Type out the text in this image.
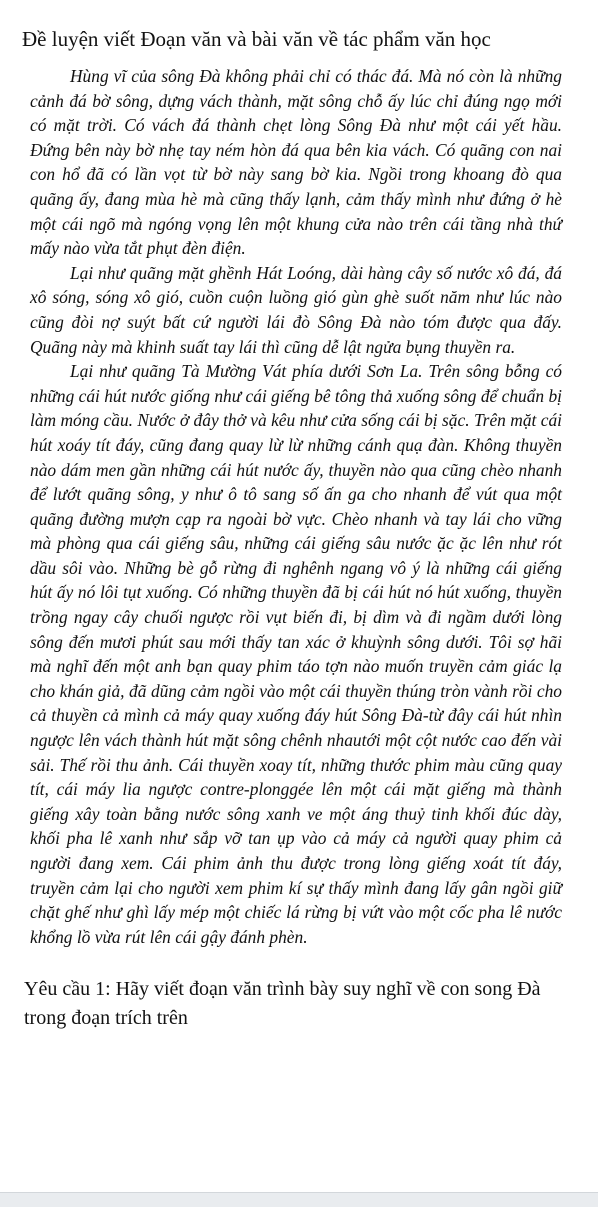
Đề luyện viết Đoạn văn và bài văn về tác phẩm văn học

Hùng vĩ của sông Đà không phải chỉ có thác đá. Mà nó còn là những cảnh đá bờ sông, dựng vách thành, mặt sông chỗ ấy lúc chỉ đúng ngọ mới có mặt trời. Có vách đá thành chẹt lòng Sông Đà như một cái yết hầu. Đứng bên này bờ nhẹ tay ném hòn đá qua bên kia vách. Có quãng con nai con hổ đã có lần vọt từ bờ này sang bờ kia. Ngồi trong khoang đò qua quãng ấy, đang mùa hè mà cũng thấy lạnh, cảm thấy mình như đứng ở hè một cái ngõ mà ngóng vọng lên một khung cửa nào trên cái tầng nhà thứ mấy nào vừa tắt phụt đèn điện.

Lại như quãng mặt ghềnh Hát Loóng, dài hàng cây số nước xô đá, đá xô sóng, sóng xô gió, cuồn cuộn luồng gió gùn ghè suốt năm như lúc nào cũng đòi nợ suýt bất cứ người lái đò Sông Đà nào tóm được qua đấy. Quãng này mà khinh suất tay lái thì cũng dễ lật ngửa bụng thuyền ra.

Lại như quãng Tà Mường Vát phía dưới Sơn La. Trên sông bỗng có những cái hút nước giống như cái giếng bê tông thả xuống sông để chuẩn bị làm móng cầu. Nước ở đây thở và kêu như cửa sống cái bị sặc. Trên mặt cái hút xoáy tít đáy, cũng đang quay lừ lừ những cánh quạ đàn. Không thuyền nào dám men gần những cái hút nước ấy, thuyền nào qua cũng chèo nhanh để lướt quãng sông, y như ô tô sang số ấn ga cho nhanh để vút qua một quãng đường mượn cạp ra ngoài bờ vực. Chèo nhanh và tay lái cho vững mà phòng qua cái giếng sâu, những cái giếng sâu nước ặc ặc lên như rót dầu sôi vào. Những bè gỗ rừng đi nghênh ngang vô ý là những cái giếng hút ấy nó lôi tụt xuống. Có những thuyền đã bị cái hút nó hút xuống, thuyền trồng ngay cây chuối ngược rồi vụt biến đi, bị dìm và đi ngầm dưới lòng sông đến mươi phút sau mới thấy tan xác ở khuỳnh sông dưới. Tôi sợ hãi mà nghĩ đến một anh bạn quay phim táo tợn nào muốn truyền cảm giác lạ cho khán giả, đã dũng cảm ngồi vào một cái thuyền thúng tròn vành rồi cho cả thuyền cả mình cả máy quay xuống đáy hút Sông Đà-từ đây cái hút nhìn ngược lên vách thành hút mặt sông chênh nhautới một cột nước cao đến vài sải. Thế rồi thu ảnh. Cái thuyền xoay tít, những thước phim màu cũng quay tít, cái máy lia ngược contre-plonggée lên một cái mặt giếng mà thành giếng xây toàn bằng nước sông xanh ve một áng thuỷ tinh khối đúc dày, khối pha lê xanh như sắp vỡ tan ụp vào cả máy cả người quay phim cả người đang xem. Cái phim ảnh thu được trong lòng giếng xoát tít đáy, truyền cảm lại cho người xem phim kí sự thấy mình đang lấy gân ngồi giữ chặt ghế như ghì lấy mép một chiếc lá rừng bị vứt vào một cốc pha lê nước khổng lồ vừa rút lên cái gậy đánh phèn.

Yêu cầu 1: Hãy viết đoạn văn trình bày suy nghĩ về con song Đà trong đoạn trích trên
